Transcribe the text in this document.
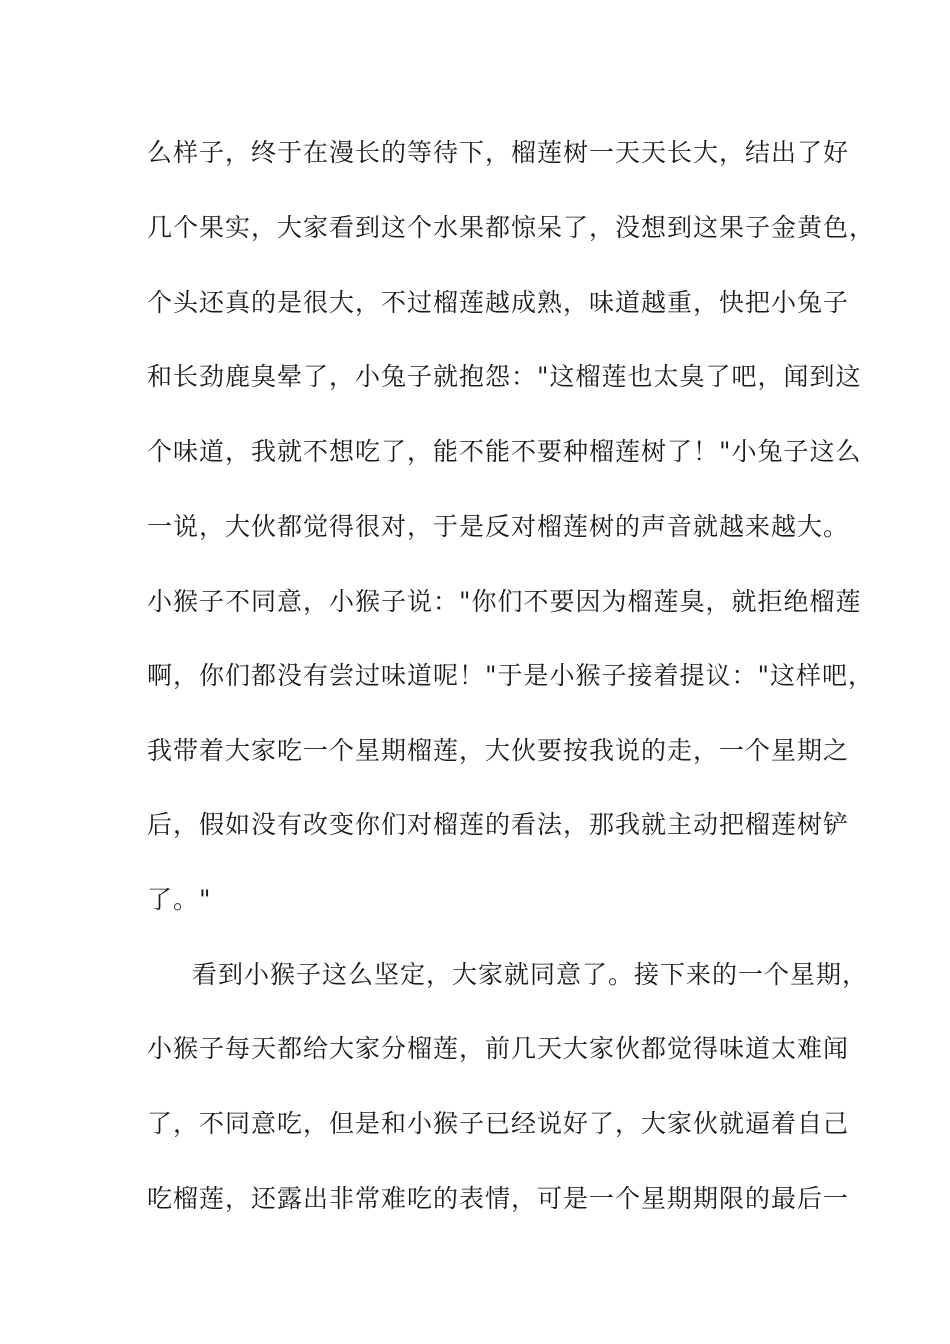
么样子，终于在漫长的等待下，榴莲树一天天长大，结出了好
几个果实，大家看到这个水果都惊呆了，没想到这果子金黄色，
个头还真的是很大，不过榴莲越成熟，味道越重，快把小兔子
和长劲鹿臭晕了，小兔子就抱怨："这榴莲也太臭了吧，闻到这
个味道，我就不想吃了，能不能不要种榴莲树了！"小兔子这么
一说，大伙都觉得很对，于是反对榴莲树的声音就越来越大。
小猴子不同意，小猴子说："你们不要因为榴莲臭，就拒绝榴莲
啊，你们都没有尝过味道呢！"于是小猴子接着提议："这样吧，
我带着大家吃一个星期榴莲，大伙要按我说的走，一个星期之
后，假如没有改变你们对榴莲的看法，那我就主动把榴莲树铲
了。"
看到小猴子这么坚定，大家就同意了。接下来的一个星期，
小猴子每天都给大家分榴莲，前几天大家伙都觉得味道太难闻
了，不同意吃，但是和小猴子已经说好了，大家伙就逼着自己
吃榴莲，还露出非常难吃的表情，可是一个星期期限的最后一
